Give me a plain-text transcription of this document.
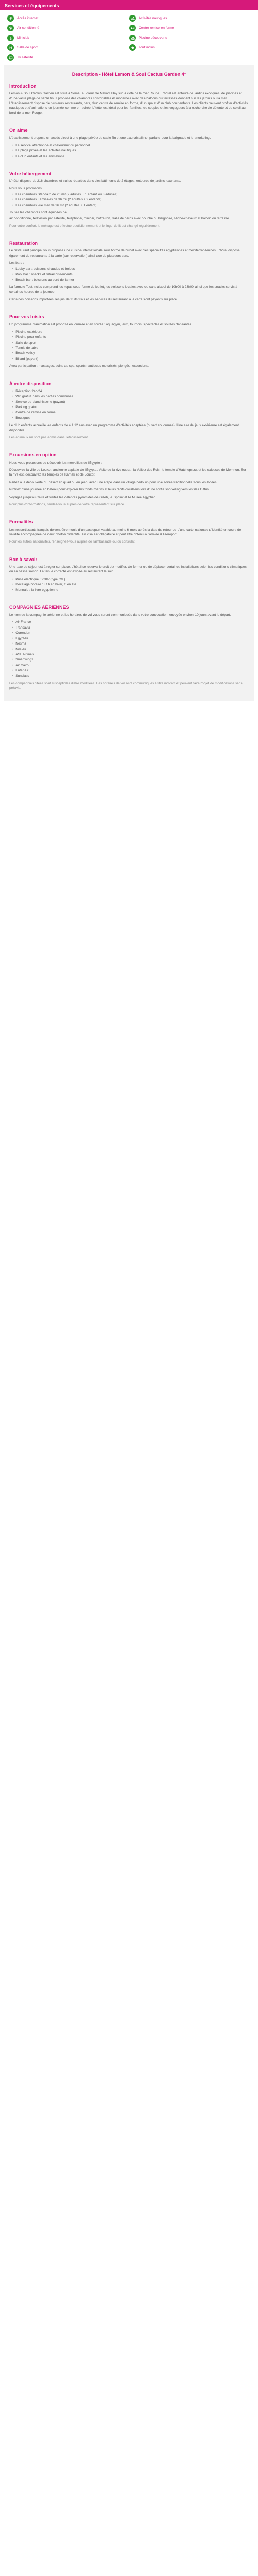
Services et équipements
Accès internet	Activités nautiques
Air conditionné	Centre remise en forme
Miniclub	Piscine découverte
Salle de sport	Tout inclus
Tv satellite
Description - Hôtel Lemon & Soul Cactus Garden 4*
Introduction

Lemon & Soul Cactus Garden est situé à Soma, au cœur de Makadi Bay sur la côte de la mer Rouge. L'hôtel est entouré de jardins exotiques, de piscines et d'une vaste plage de sable fin. Il propose des chambres confortables et modernes avec des balcons ou terrasses donnant sur les jardins ou la mer. L'établissement dispose de plusieurs restaurants, bars, d'un centre de remise en forme, d'un spa et d'un club pour enfants. Les clients peuvent profiter d'activités nautiques et d'animations en journée comme en soirée. L'hôtel est idéal pour les familles, les couples et les voyageurs à la recherche de détente et de soleil au bord de la mer Rouge.

On aime

L'établissement propose un accès direct à une plage privée de sable fin et une eau cristalline, parfaite pour la baignade et le snorkeling.

• Le service attentionné et chaleureux du personnel
• La plage privée et les activités nautiques
• Le club enfants et les animations
Votre hébergement

L'hôtel dispose de 216 chambres et suites réparties dans des bâtiments de 2 étages, entourés de jardins luxuriants.

Nous vous proposons :

• Les chambres Standard de 26 m² (2 adultes + 1 enfant ou 3 adultes)
• Les chambres Familiales de 36 m² (2 adultes + 2 enfants)
• Les chambres vue mer de 26 m² (2 adultes + 1 enfant)

Toutes les chambres sont équipées de :

air conditionné, télévision par satellite, téléphone, minibar, coffre-fort, salle de bains avec douche ou baignoire, sèche-cheveux et balcon ou terrasse.

Pour votre confort, le ménage est effectué quotidiennement et le linge de lit est changé régulièrement.

Restauration

Le restaurant principal vous propose une cuisine internationale sous forme de buffet avec des spécialités égyptiennes et méditerranéennes. L'hôtel dispose également de restaurants à la carte (sur réservation) ainsi que de plusieurs bars.

Les bars :

• Lobby bar : boissons chaudes et froides
• Pool bar : snacks et rafraîchissements
• Beach bar : boissons au bord de la mer

La formule Tout Inclus comprend les repas sous forme de buffet, les boissons locales avec ou sans alcool de 10h00 à 23h00 ainsi que les snacks servis à certaines heures de la journée.

Certaines boissons importées, les jus de fruits frais et les services du restaurant à la carte sont payants sur place.

Pour vos loisirs

Un programme d'animation est proposé en journée et en soirée : aquagym, jeux, tournois, spectacles et soirées dansantes.

• Piscine extérieure
• Piscine pour enfants
• Salle de sport
• Tennis de table
• Beach-volley
• Billard (payant)

Avec participation : massages, soins au spa, sports nautiques motorisés, plongée, excursions.

À votre disposition
• Réception 24h/24
• Wifi gratuit dans les parties communes
• Service de blanchisserie (payant)
• Parking gratuit
• Centre de remise en forme
• Boutiques

Le club enfants accueille les enfants de 4 à 12 ans avec un programme d'activités adaptées (ouvert en journée). Une aire de jeux extérieure est également disponible.

Les animaux ne sont pas admis dans l'établissement.

Excursions en option

Nous vous proposons de découvrir les merveilles de l'Égypte :

Découvrez la ville de Louxor, ancienne capitale de l'Égypte. Visite de la rive ouest : la Vallée des Rois, le temple d'Hatchepsout et les colosses de Memnon. Sur la rive est, découvrez les temples de Karnak et de Louxor.

Partez à la découverte du désert en quad ou en jeep, avec une étape dans un village bédouin pour une soirée traditionnelle sous les étoiles.

Profitez d'une journée en bateau pour explorer les fonds marins et leurs récifs coralliens lors d'une sortie snorkeling vers les îles Giftun.

Voyagez jusqu'au Caire et visitez les célèbres pyramides de Gizeh, le Sphinx et le Musée égyptien.

Pour plus d'informations, rendez-vous auprès de votre représentant sur place.

Formalités

Les ressortissants français doivent être munis d'un passeport valable au moins 6 mois après la date de retour ou d'une carte nationale d'identité en cours de validité accompagnée de deux photos d'identité. Un visa est obligatoire et peut être obtenu à l'arrivée à l'aéroport.

Pour les autres nationalités, renseignez-vous auprès de l'ambassade ou du consulat.

Bon à savoir

Une taxe de séjour est à régler sur place. L'hôtel se réserve le droit de modifier, de fermer ou de déplacer certaines installations selon les conditions climatiques ou en basse saison. La tenue correcte est exigée au restaurant le soir.

• Prise électrique : 220V (type C/F)
• Décalage horaire : +1h en hiver, 0 en été
• Monnaie : la livre égyptienne
COMPAGNIES AÉRIENNES

Le nom de la compagnie aérienne et les horaires de vol vous seront communiqués dans votre convocation, envoyée environ 10 jours avant le départ.

• Air France
• Transavia
• Corendon
• EgyptAir
• Nesma
• Nile Air
• ASL Airlines
• Smartwings
• Air Cairo
• Enter Air
• Sunclass

Les compagnies citées sont susceptibles d'être modifiées. Les horaires de vol sont communiqués à titre indicatif et peuvent faire l'objet de modifications sans préavis.
